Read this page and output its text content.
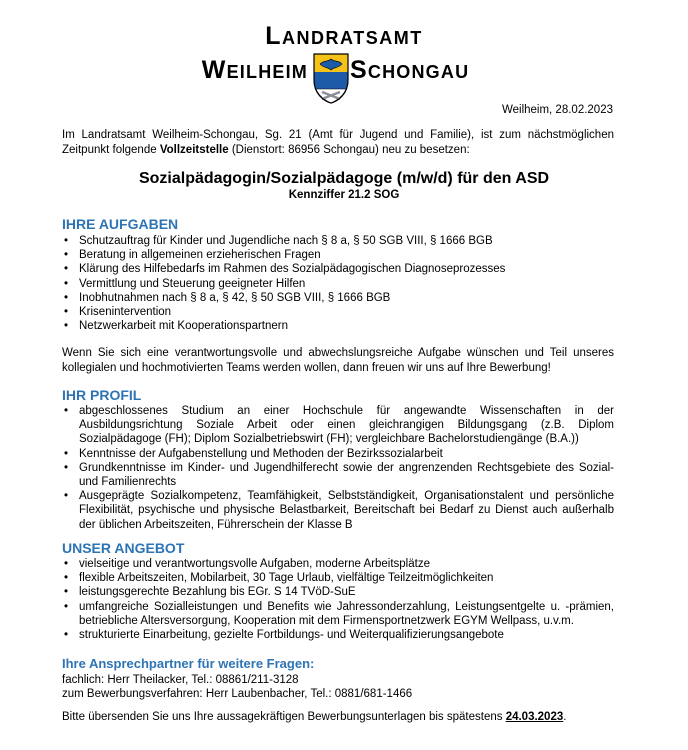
Landratsamt
Weilheim Schongau
Weilheim, 28.02.2023
Im Landratsamt Weilheim-Schongau, Sg. 21 (Amt für Jugend und Familie), ist zum nächstmöglichen Zeitpunkt folgende Vollzeitstelle (Dienstort: 86956 Schongau) neu zu besetzen:
Sozialpädagogin/Sozialpädagoge (m/w/d) für den ASD
Kennziffer 21.2 SOG
IHRE AUFGABEN
• Schutzauftrag für Kinder und Jugendliche nach § 8 a, § 50 SGB VIII, § 1666 BGB
• Beratung in allgemeinen erzieherischen Fragen
• Klärung des Hilfebedarfs im Rahmen des Sozialpädagogischen Diagnoseprozesses
• Vermittlung und Steuerung geeigneter Hilfen
• Inobhutnahmen nach § 8 a, § 42, § 50 SGB VIII, § 1666 BGB
• Krisenintervention
• Netzwerkarbeit mit Kooperationspartnern
Wenn Sie sich eine verantwortungsvolle und abwechslungsreiche Aufgabe wünschen und Teil unseres kollegialen und hochmotivierten Teams werden wollen, dann freuen wir uns auf Ihre Bewerbung!
IHR PROFIL
• abgeschlossenes Studium an einer Hochschule für angewandte Wissenschaften in der Ausbildungsrichtung Soziale Arbeit oder einen gleichrangigen Bildungsgang (z.B. Diplom Sozialpädagoge (FH); Diplom Sozialbetriebswirt (FH); vergleichbare Bachelorstudiengänge (B.A.))
• Kenntnisse der Aufgabenstellung und Methoden der Bezirkssozialarbeit
• Grundkenntnisse im Kinder- und Jugendhilferecht sowie der angrenzenden Rechtsgebiete des Sozial- und Familienrechts
• Ausgeprägte Sozialkompetenz, Teamfähigkeit, Selbstständigkeit, Organisationstalent und persönliche Flexibilität, psychische und physische Belastbarkeit, Bereitschaft bei Bedarf zu Dienst auch außerhalb der üblichen Arbeitszeiten, Führerschein der Klasse B
UNSER ANGEBOT
• vielseitige und verantwortungsvolle Aufgaben, moderne Arbeitsplätze
• flexible Arbeitszeiten, Mobilarbeit, 30 Tage Urlaub, vielfältige Teilzeitmöglichkeiten
• leistungsgerechte Bezahlung bis EGr. S 14 TVöD-SuE
• umfangreiche Sozialleistungen und Benefits wie Jahressonderzahlung, Leistungsentgelte u. -prämien, betriebliche Altersversorgung, Kooperation mit dem Firmensportnetzwerk EGYM Wellpass, u.v.m.
• strukturierte Einarbeitung, gezielte Fortbildungs- und Weiterqualifizierungsangebote
Ihre Ansprechpartner für weitere Fragen:
fachlich: Herr Theilacker, Tel.: 08861/211-3128
zum Bewerbungsverfahren: Herr Laubenbacher, Tel.: 0881/681-1466
Bitte übersenden Sie uns Ihre aussagekräftigen Bewerbungsunterlagen bis spätestens 24.03.2023.
